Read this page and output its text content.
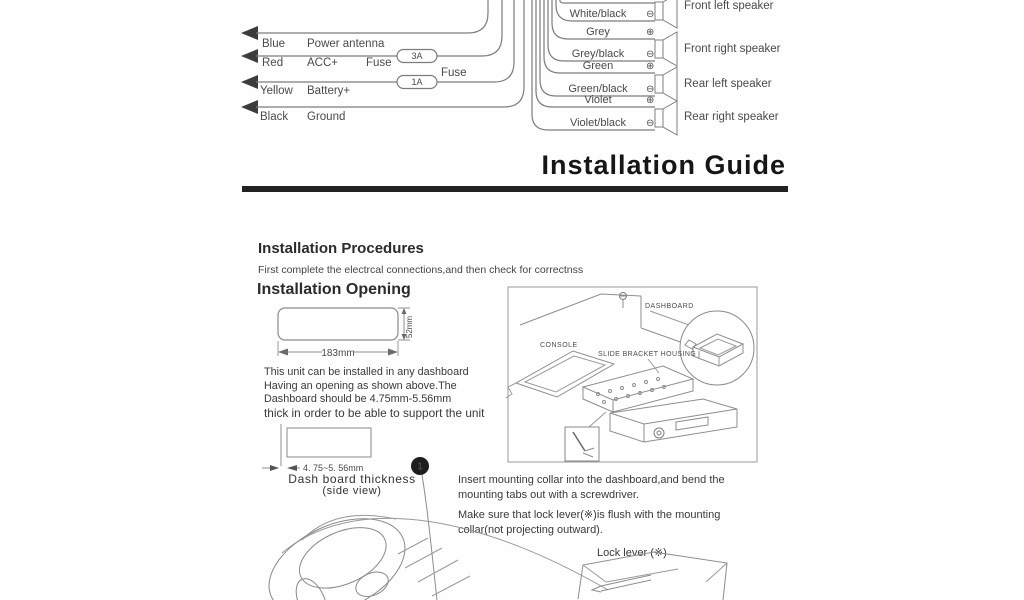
3A
1A
Blue Power antenna
Red ACC+ Fuse
Fuse
Yellow Battery+
Black Ground
White/black
Grey
Grey/black
Green
Green/black
Violet
Violet/black
⊖
⊕
⊖
⊕
⊖
⊕
⊖
Front left speaker
Front right speaker
Rear left speaker
Rear right speaker
Installation Guide
Installation Procedures
First complete the electrcal connections,and then check for correctnss
Installation Opening
This unit can be installed in any dashboard
Having an opening as shown above.The
Dashboard should be 4.75mm-5.56mm
thick in order to be able to support the unit
Dash board thickness
(side view)
Insert mounting collar into the dashboard,and bend the mounting tabs out with a screwdriver.
Make sure that lock lever(※)is flush with the mounting collar(not projecting outward).
Lock lever (※)
52mm
183mm
4. 75~5. 56mm	1
DASHBOARD
CONSOLE
SLIDE BRACKET HOUSING
